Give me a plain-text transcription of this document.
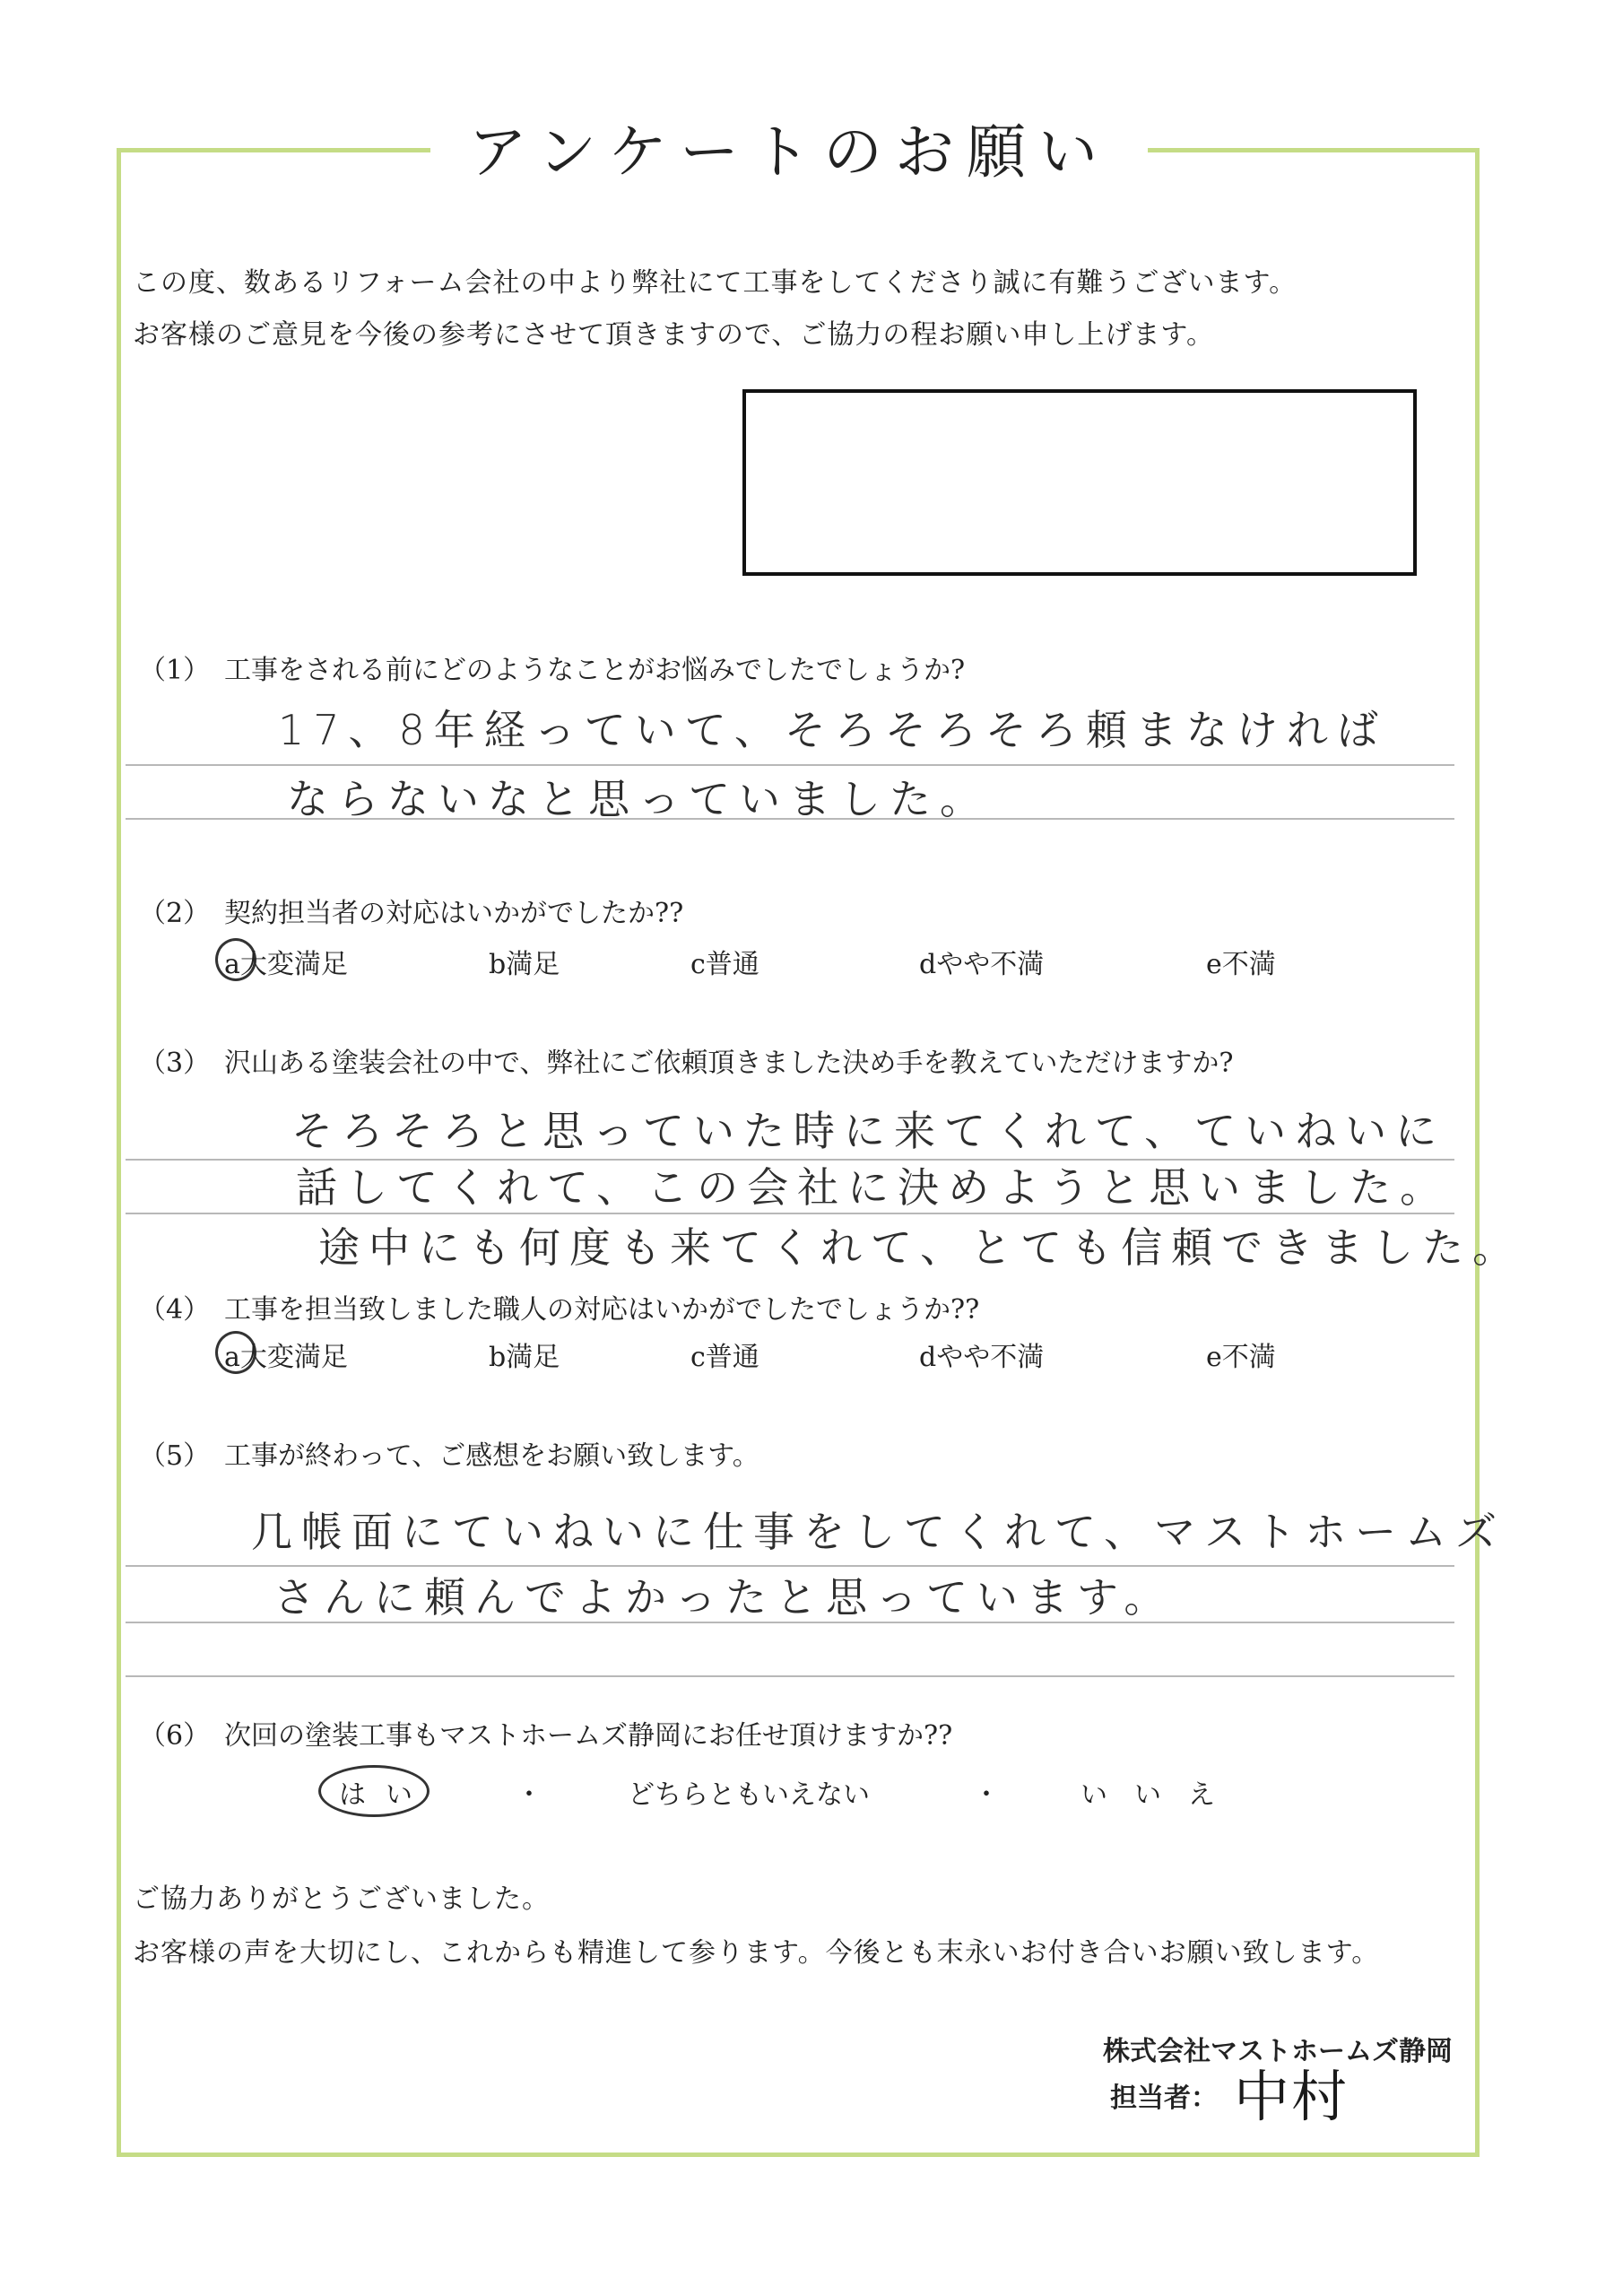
アンケートのお願い
この度、数あるリフォーム会社の中より弊社にて工事をしてくださり誠に有難うございます。
お客様のご意見を今後の参考にさせて頂きますので、ご協力の程お願い申し上げます。
（1） 工事をされる前にどのようなことがお悩みでしたでしょうか?
17、8年経っていて、そろそろそろ頼まなければ
ならないなと思っていました。
（2） 契約担当者の対応はいかがでしたか??
a大変満足	b満足	c普通	dやや不満	e不満
（3） 沢山ある塗装会社の中で、弊社にご依頼頂きました決め手を教えていただけますか?
そろそろと思っていた時に来てくれて、ていねいに
話してくれて、この会社に決めようと思いました。
途中にも何度も来てくれて、とても信頼できました。
（4） 工事を担当致しました職人の対応はいかがでしたでしょうか??
a大変満足	b満足	c普通	dやや不満	e不満
（5） 工事が終わって、ご感想をお願い致します。
几帳面にていねいに仕事をしてくれて、マストホームズ
さんに頼んでよかったと思っています。
（6） 次回の塗装工事もマストホームズ静岡にお任せ頂けますか??
はい	・	どちらともいえない	・	いいえ
ご協力ありがとうございました。
お客様の声を大切にし、これからも精進して参ります。今後とも末永いお付き合いお願い致します。
株式会社マストホームズ静岡
担当者： 中村
